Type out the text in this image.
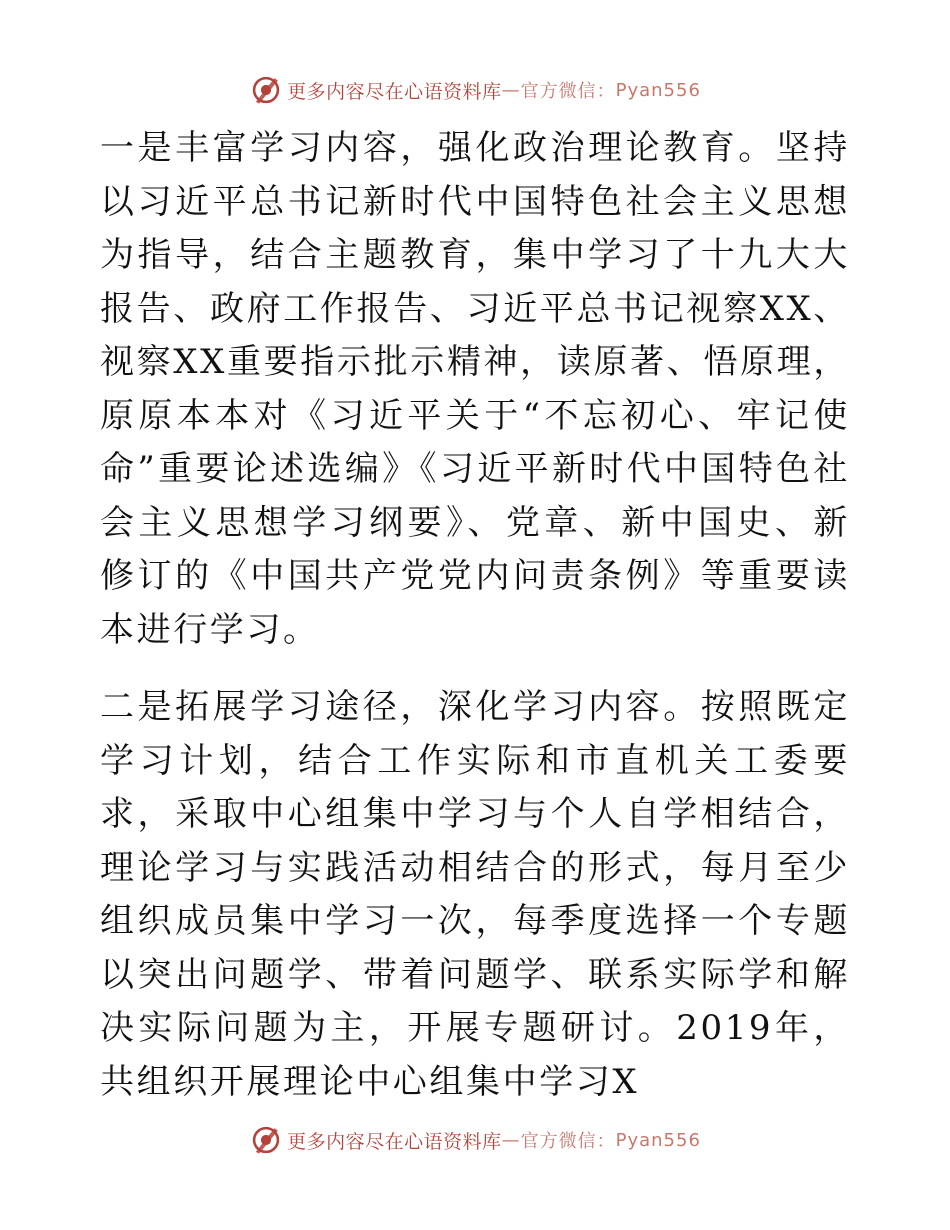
更多内容尽在心语资料库 — 官方微信： Pyan556

一是丰富学习内容，强化政治理论教育。坚持以习近平总书记新时代中国特色社会主义思想为指导，结合主题教育，集中学习了十九大大报告、政府工作报告、习近平总书记视察XX、视察XX重要指示批示精神，读原著、悟原理，原原本本对《习近平关于“不忘初心、牢记使命”重要论述选编》《习近平新时代中国特色社会主义思想学习纲要》、党章、新中国史、新修订的《中国共产党党内问责条例》等重要读本进行学习。

二是拓展学习途径，深化学习内容。按照既定学习计划，结合工作实际和市直机关工委要求，采取中心组集中学习与个人自学相结合，理论学习与实践活动相结合的形式，每月至少组织成员集中学习一次，每季度选择一个专题以突出问题学、带着问题学、联系实际学和解决实际问题为主，开展专题研讨。2019年，共组织开展理论中心组集中学习X

更多内容尽在心语资料库 — 官方微信： Pyan556
